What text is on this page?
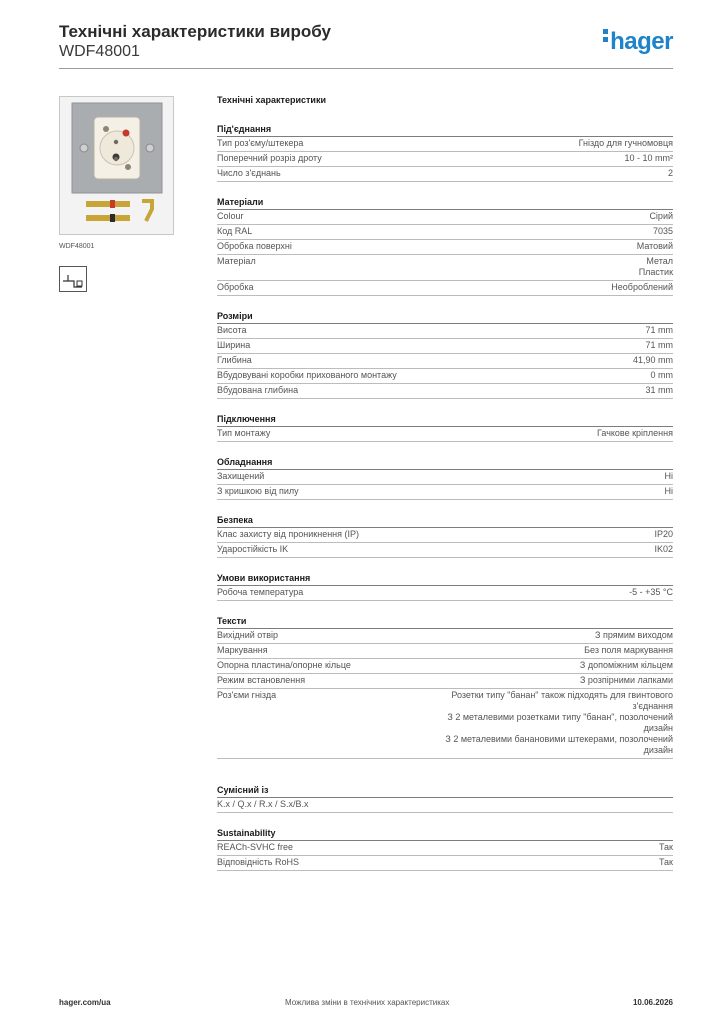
Технічні характеристики виробу
WDF48001	hager
WDF48001
Технічні характеристики
Під'єднання
Тип роз'єму/штекера	Гніздо для гучномовця
Поперечний розріз дроту	10 - 10 mm²
Число з'єднань	2
Матеріали
Colour	Сірий
Код RAL	7035
Обробка поверхні	Матовий
Матеріал	Метал
Пластик
Обробка	Необроблений
Розміри
Висота	71 mm
Ширина	71 mm
Глибина	41,90 mm
Вбудовувані коробки прихованого монтажу	0 mm
Вбудована глибина	31 mm
Підключення
Тип монтажу	Гачкове кріплення
Обладнання
Захищений	Hi
З кришкою від пилу	Hi
Безпека
Клас захисту від проникнення (IP)	IP20
Ударостійкість IK	IK02
Умови використання
Робоча температура	-5 - +35 °C
Тексти
Вихідний отвір	З прямим виходом
Маркування	Без поля маркування
Опорна пластина/опорне кільце	З допоміжним кільцем
Режим встановлення	З розпірними лапками
Роз'єми гнізда	Розетки типу "банан" також підходять для гвинтового з'єднання
З 2 металевими розетками типу "банан", позолочений дизайн
З 2 металевими банановими штекерами, позолочений дизайн
Сумісний із
K.x / Q.x / R.x / S.x/B.x
Sustainability
REACh-SVHC free	Так
Відповідність RoHS	Так
hager.com/ua	Можлива зміни в технічних характеристиках	10.06.2026
